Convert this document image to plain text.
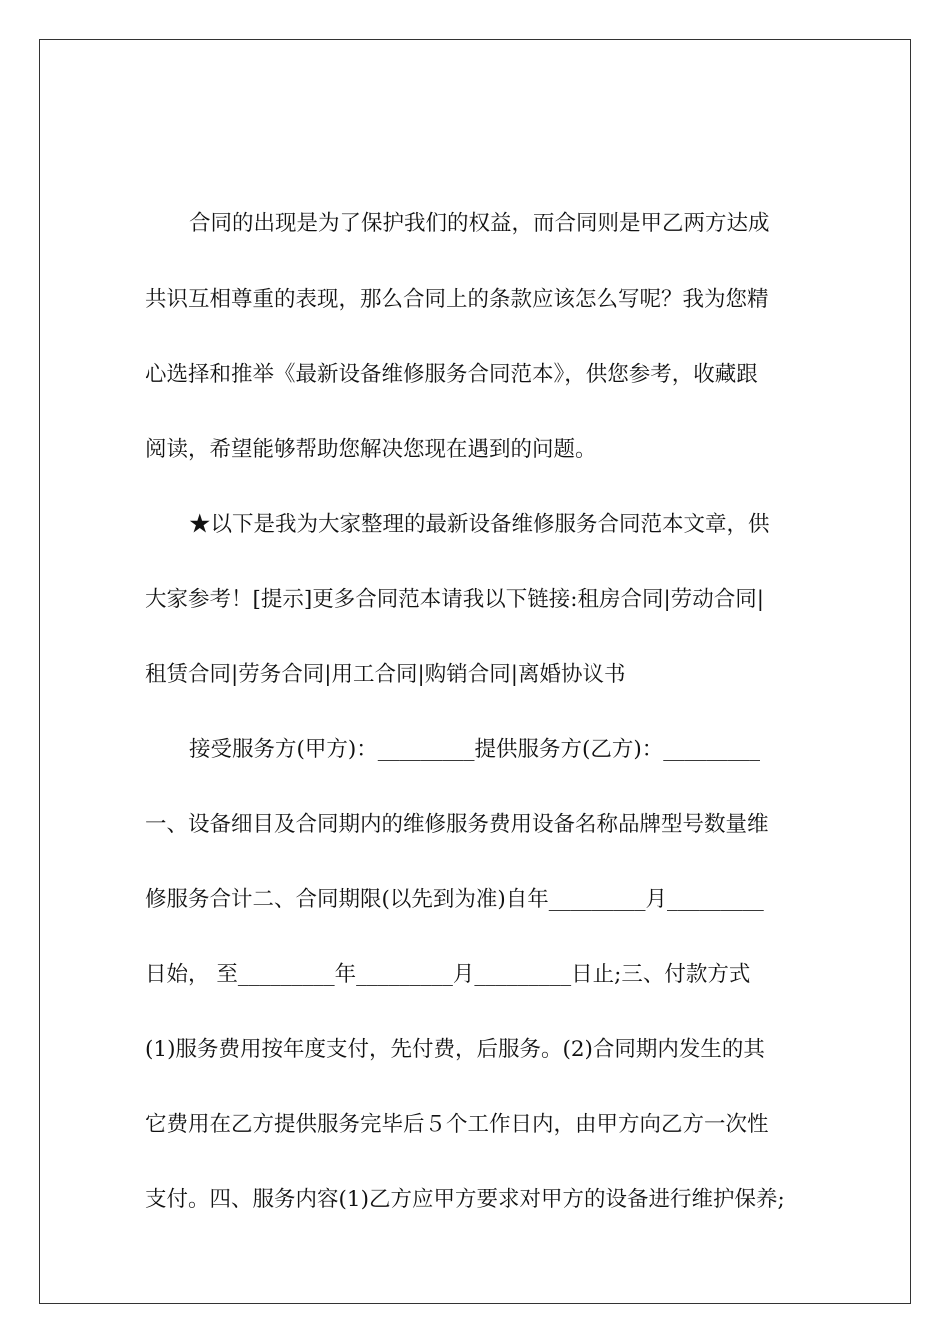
合同的出现是为了保护我们的权益，而合同则是甲乙两方达成
共识互相尊重的表现，那么合同上的条款应该怎么写呢？我为您精
心选择和推举《最新设备维修服务合同范本》，供您参考，收藏跟
阅读，希望能够帮助您解决您现在遇到的问题。
★以下是我为大家整理的最新设备维修服务合同范本文章，供
大家参考！[提示]更多合同范本请我以下链接:租房合同|劳动合同|
租赁合同|劳务合同|用工合同|购销合同|离婚协议书
接受服务方(甲方)：_________提供服务方(乙方)：_________
一、设备细目及合同期内的维修服务费用设备名称品牌型号数量维
修服务合计二、合同期限(以先到为准)自年_________月_________
日始， 至_________年_________月_________日止;三、付款方式
(1)服务费用按年度支付，先付费，后服务。(2)合同期内发生的其
它费用在乙方提供服务完毕后５个工作日内，由甲方向乙方一次性
支付。四、服务内容(1)乙方应甲方要求对甲方的设备进行维护保养;
